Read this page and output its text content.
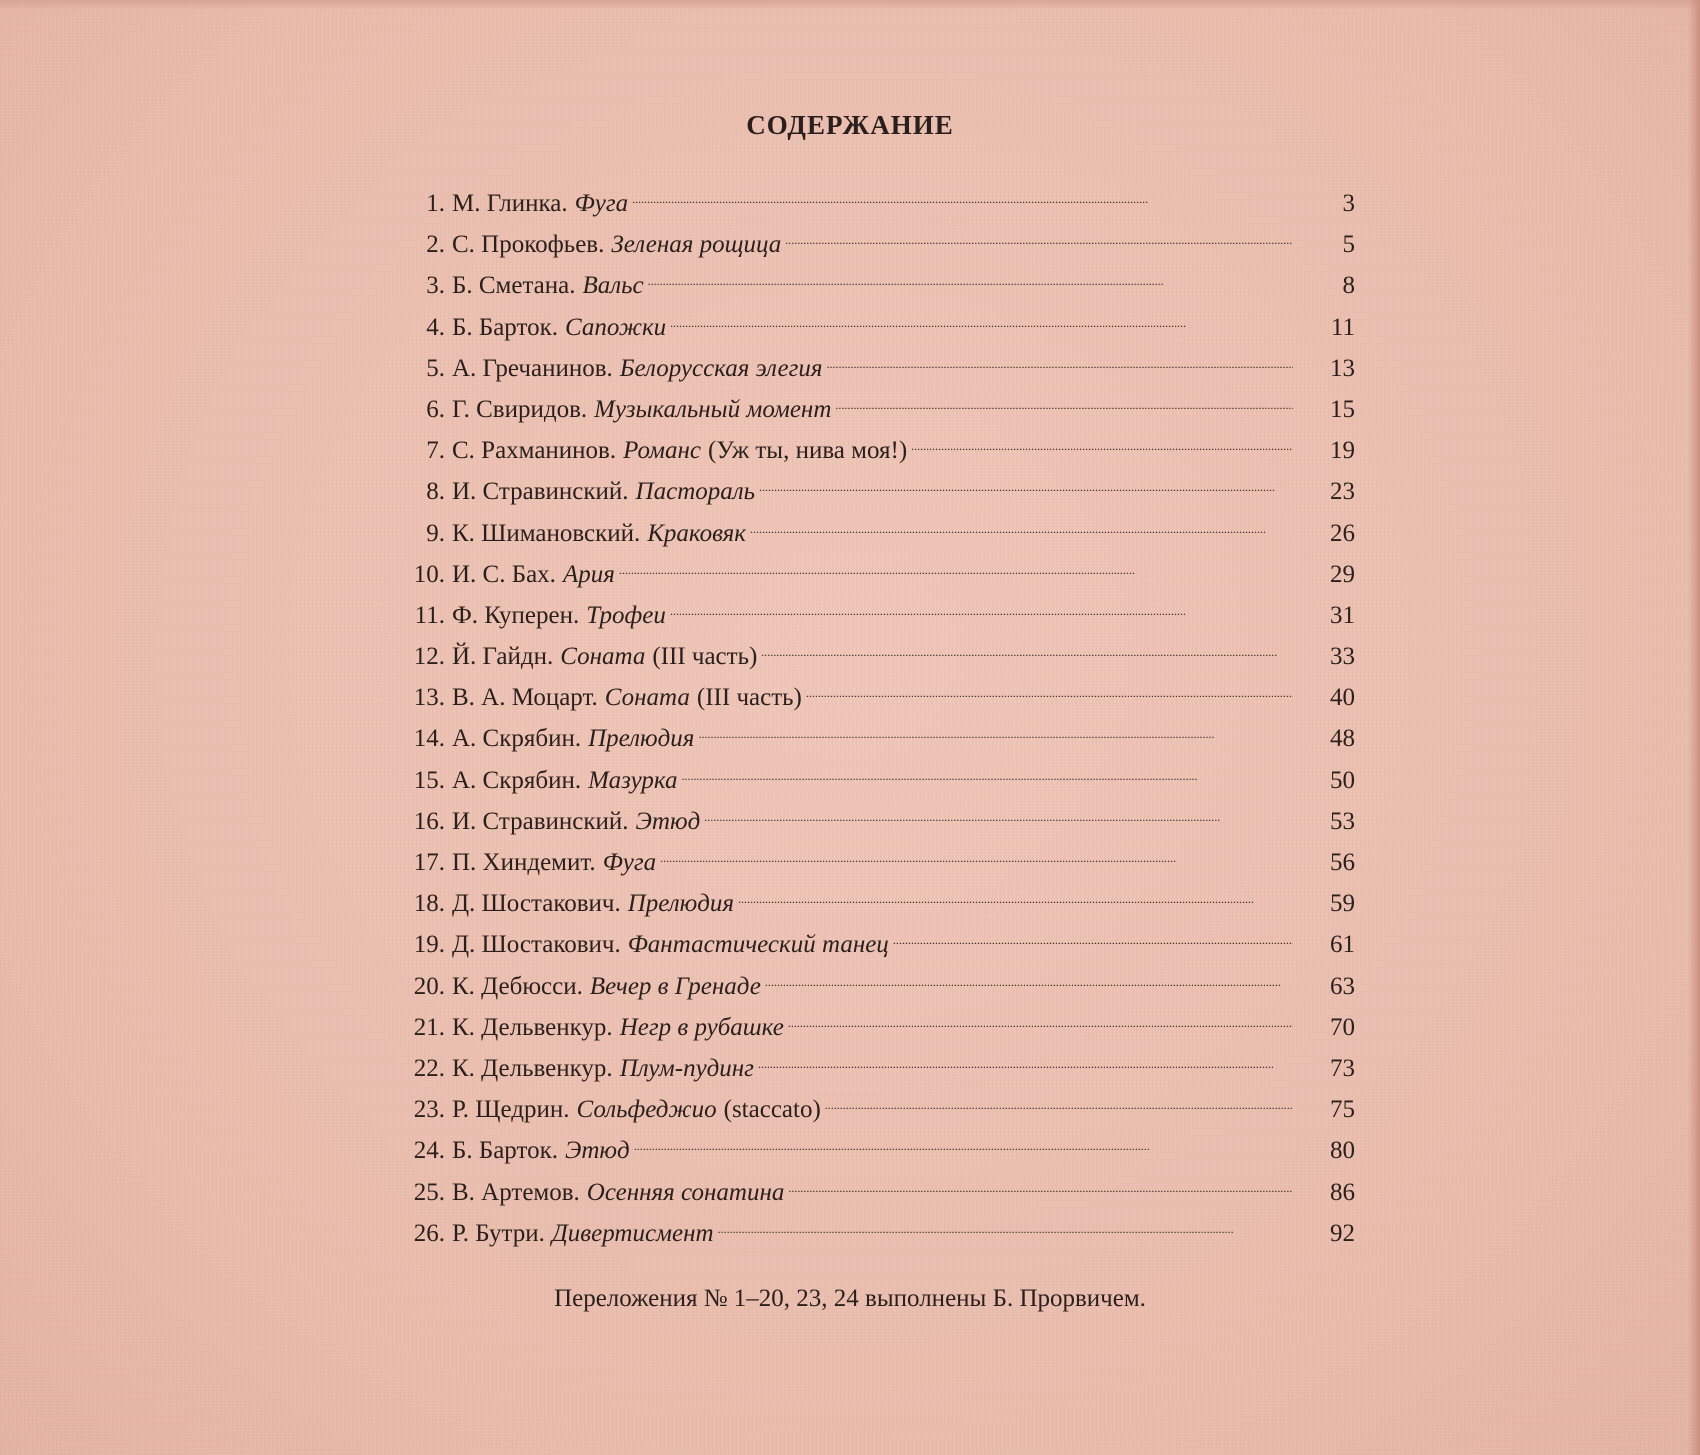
СОДЕРЖАНИЕ
1. М. Глинка. Фуга . . .	3
2. С. Прокофьев. Зеленая рощица . . .	5
3. Б. Сметана. Вальс . . .	8
4. Б. Барток. Сапожки . . .	11
5. А. Гречанинов. Белорусская элегия . . .	13
6. Г. Свиридов. Музыкальный момент . . .	15
7. С. Рахманинов. Романс (Уж ты, нива моя!) . . .	19
8. И. Стравинский. Пастораль . . .	23
9. К. Шимановский. Краковяк . . .	26
10. И. С. Бах. Ария . . .	29
11. Ф. Куперен. Трофеи . . .	31
12. Й. Гайдн. Соната (III часть) . . .	33
13. В. А. Моцарт. Соната (III часть) . . .	40
14. А. Скрябин. Прелюдия . . .	48
15. А. Скрябин. Мазурка . . .	50
16. И. Стравинский. Этюд . . .	53
17. П. Хиндемит. Фуга . . .	56
18. Д. Шостакович. Прелюдия . . .	59
19. Д. Шостакович. Фантастический танец . . .	61
20. К. Дебюсси. Вечер в Гренаде . . .	63
21. К. Дельвенкур. Негр в рубашке . . .	70
22. К. Дельвенкур. Плум-пудинг . . .	73
23. Р. Щедрин. Сольфеджио (staccato) . . .	75
24. Б. Барток. Этюд . . .	80
25. В. Артемов. Осенняя сонатина . . .	86
26. Р. Бутри. Дивертисмент . . .	92

Переложения № 1–20, 23, 24 выполнены Б. Прорвичем.
